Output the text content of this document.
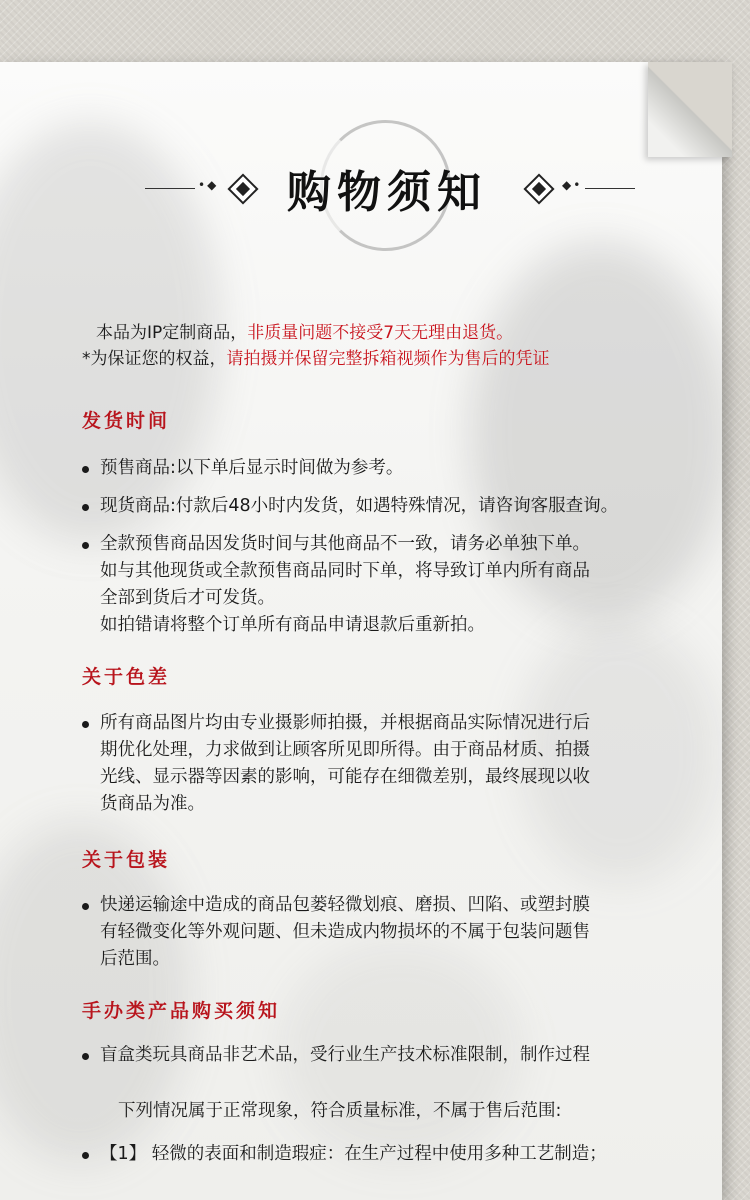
•◆	购物须知	◆•
本品为IP定制商品，非质量问题不接受7天无理由退货。
*为保证您的权益，请拍摄并保留完整拆箱视频作为售后的凭证
发货时间
预售商品:以下单后显示时间做为参考。
现货商品:付款后48小时内发货，如遇特殊情况，请咨询客服查询。
全款预售商品因发货时间与其他商品不一致，请务必单独下单。
如与其他现货或全款预售商品同时下单，将导致订单内所有商品
全部到货后才可发货。
如拍错请将整个订单所有商品申请退款后重新拍。
关于色差
所有商品图片均由专业摄影师拍摄，并根据商品实际情况进行后
期优化处理，力求做到让顾客所见即所得。由于商品材质、拍摄
光线、显示器等因素的影响，可能存在细微差别，最终展现以收
货商品为准。
关于包装
快递运输途中造成的商品包蒌轻微划痕、磨损、凹陷、或塑封膜
有轻微变化等外观问题、但未造成内物损坏的不属于包装问题售
后范围。
手办类产品购买须知
盲盒类玩具商品非艺术品，受行业生产技术标准限制，制作过程
下列情况属于正常现象，符合质量标准，不属于售后范围:
【1】 轻微的表面和制造瑕症：在生产过程中使用多种工艺制造；
